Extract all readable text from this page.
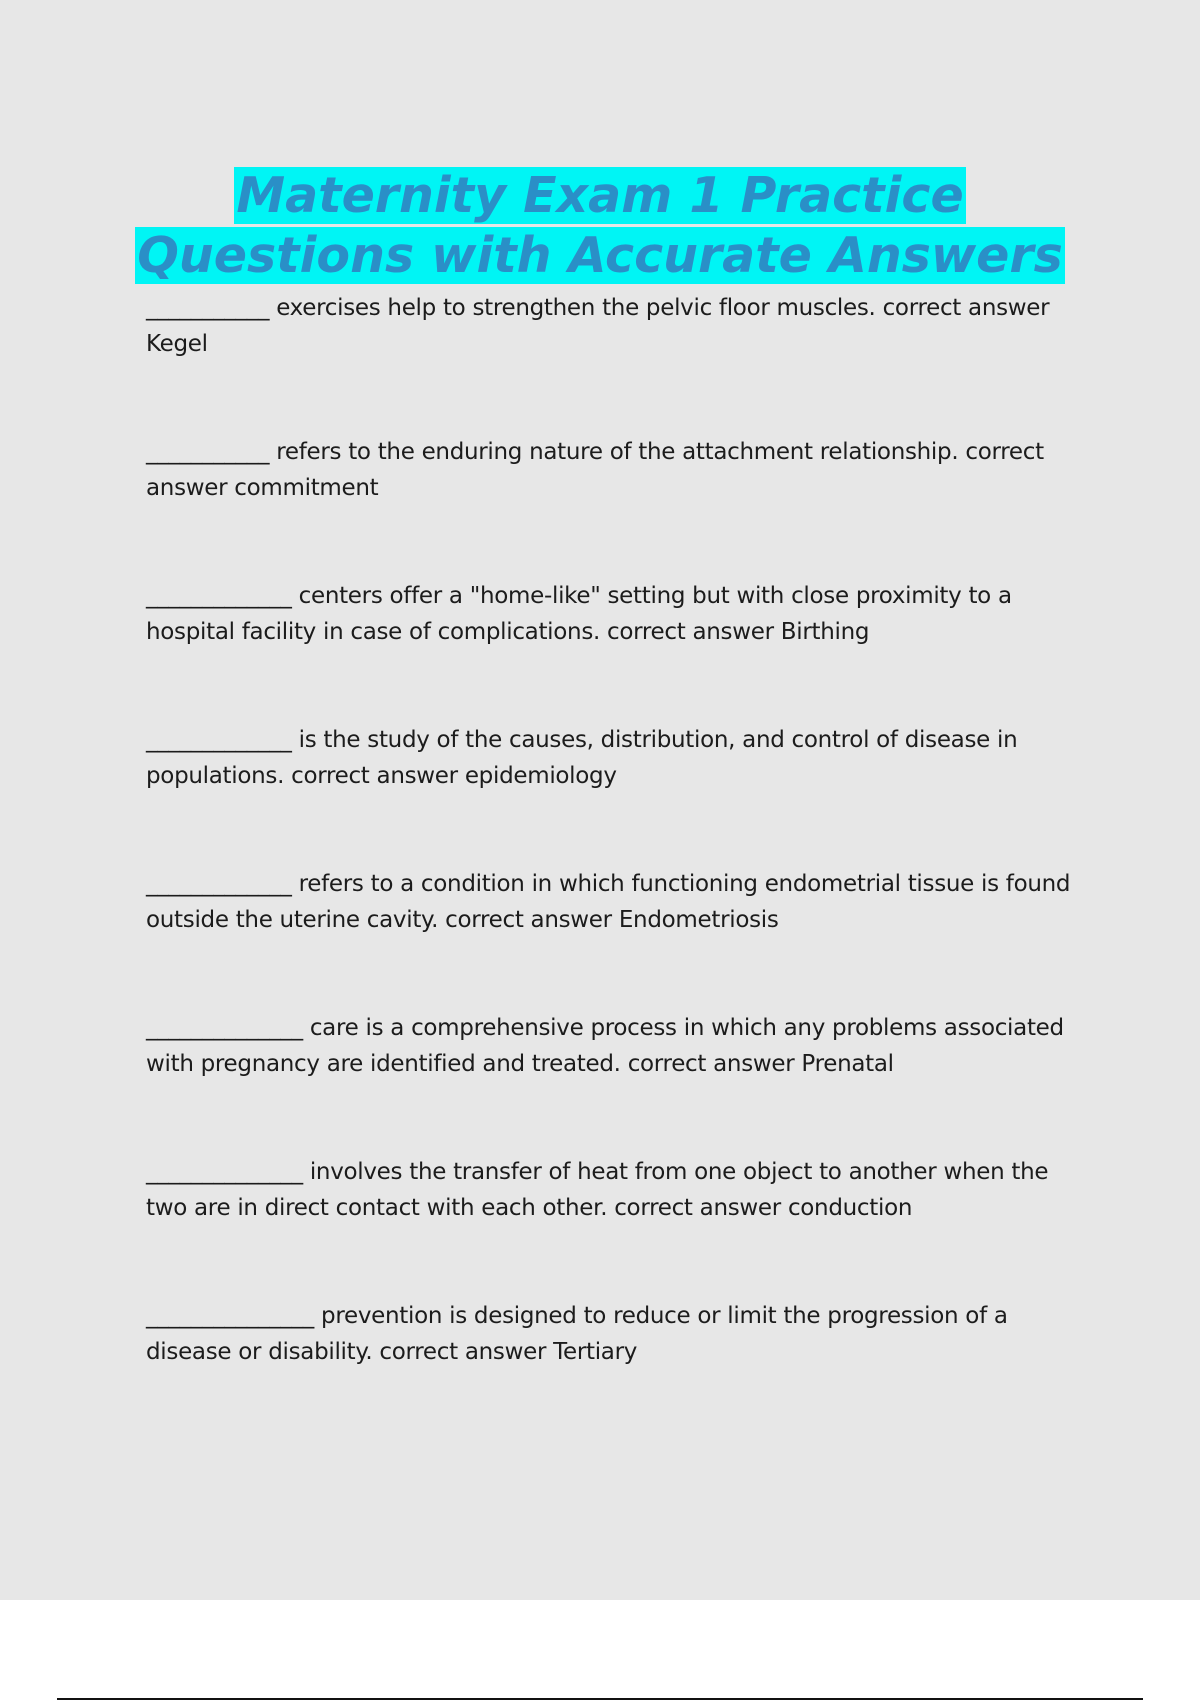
Maternity Exam 1 Practice
Questions with Accurate Answers

___________ exercises help to strengthen the pelvic floor muscles. correct answer Kegel

___________ refers to the enduring nature of the attachment relationship. correct answer commitment

_____________ centers offer a "home-like" setting but with close proximity to a hospital facility in case of complications. correct answer Birthing

_____________ is the study of the causes, distribution, and control of disease in populations. correct answer epidemiology

_____________ refers to a condition in which functioning endometrial tissue is found outside the uterine cavity. correct answer Endometriosis

______________ care is a comprehensive process in which any problems associated with pregnancy are identified and treated. correct answer Prenatal

______________ involves the transfer of heat from one object to another when the two are in direct contact with each other. correct answer conduction

_______________ prevention is designed to reduce or limit the progression of a disease or disability. correct answer Tertiary
